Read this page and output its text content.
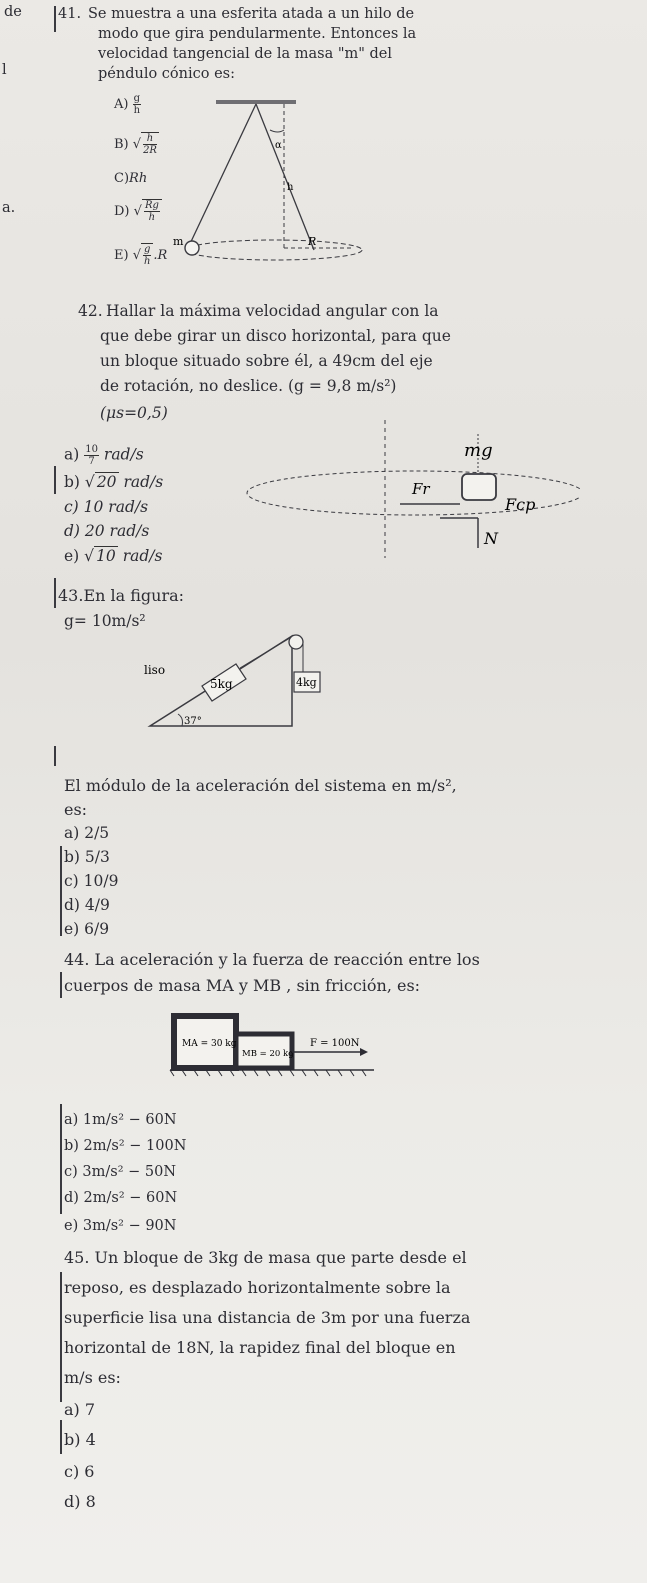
de
l
a.
41. Se muestra a una esferita atada a un hilo de
modo que gira pendularmente. Entonces la
velocidad tangencial de la masa "m" del
péndulo cónico es:
$A) \frac{g}{h}$
B) √ $\frac{h}{2R}$
C)Rh
D) √ $\frac{Rg}{h}$
E) √ $\frac{g}{h} .R$
α
h
m	R
42. Hallar la máxima velocidad angular con la
que debe girar un disco horizontal, para que
un bloque situado sobre él, a 49cm del eje
de rotación, no deslice. (g = 9,8 m/s²)
(μs=0,5)
$a) \frac{10}{7} rad/s$
b) √ 20 rad/s
c) 10 rad/s
d) 20 rad/s
e) √ 10 rad/s
mg
Fr
Fcp
N
43.En la figura:
g= 10m/s²
5kg	4kg
liso
37°
El módulo de la aceleración del sistema en m/s²,
es:
a) 2/5
b) 5/3
c) 10/9
d) 4/9
e) 6/9
44. La aceleración y la fuerza de reacción entre los
cuerpos de masa MA y MB , sin fricción, es:
MA = 30 kg
MB = 20 kg
F = 100N
a) 1m/s² − 60N
b) 2m/s² − 100N
c) 3m/s² − 50N
d) 2m/s² − 60N
e) 3m/s² − 90N
45. Un bloque de 3kg de masa que parte desde el
reposo, es desplazado horizontalmente sobre la
superficie lisa una distancia de 3m por una fuerza
horizontal de 18N, la rapidez final del bloque en
m/s es:
a) 7
b) 4
c) 6
d) 8
